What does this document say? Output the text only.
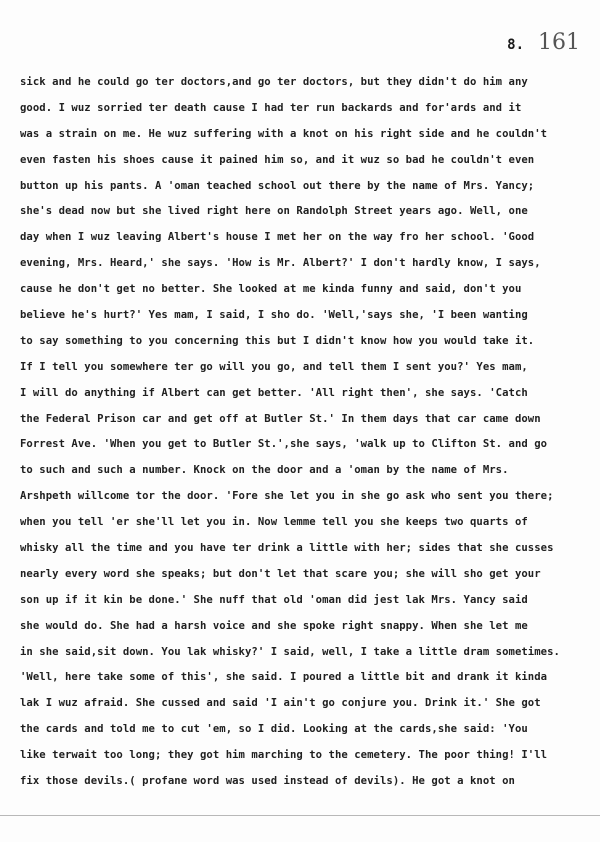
8. 161
sick and he could go ter doctors,and go ter doctors, but they didn't do him any
good. I wuz sorried ter death cause I had ter run backards and for'ards and it
was a strain on me. He wuz suffering with a knot on his right side and he couldn't
even fasten his shoes cause it pained him so, and it wuz so bad he couldn't even
button up his pants. A 'oman teached school out there by the name of Mrs. Yancy;
she's dead now but she lived right here on Randolph Street years ago. Well, one
day when I wuz leaving Albert's house I met her on the way fro her school. 'Good
evening, Mrs. Heard,' she says. 'How is Mr. Albert?' I don't hardly know, I says,
cause he don't get no better. She looked at me kinda funny and said, don't you
believe he's hurt?' Yes mam, I said, I sho do. 'Well,'says she, 'I been wanting
to say something to you concerning this but I didn't know how you would take it.
If I tell you somewhere ter go will you go, and tell them I sent you?' Yes mam,
I will do anything if Albert can get better. 'All right then', she says. 'Catch
the Federal Prison car and get off at Butler St.' In them days that car came down
Forrest Ave. 'When you get to Butler St.',she says, 'walk up to Clifton St. and go
to such and such a number. Knock on the door and a 'oman by the name of Mrs.
Arshpeth willcome tor the door. 'Fore she let you in she go ask who sent you there;
when you tell 'er she'll let you in. Now lemme tell you she keeps two quarts of
whisky all the time and you have ter drink a little with her; sides that she cusses
nearly every word she speaks; but don't let that scare you; she will sho get your
son up if it kin be done.' She nuff that old 'oman did jest lak Mrs. Yancy said
she would do. She had a harsh voice and she spoke right snappy. When she let me
in she said,sit down. You lak whisky?' I said, well, I take a little dram sometimes.
'Well, here take some of this', she said. I poured a little bit and drank it kinda
lak I wuz afraid. She cussed and said 'I ain't go conjure you. Drink it.' She got
the cards and told me to cut 'em, so I did. Looking at the cards,she said: 'You
like terwait too long; they got him marching to the cemetery. The poor thing! I'll
fix those devils.( profane word was used instead of devils). He got a knot on
